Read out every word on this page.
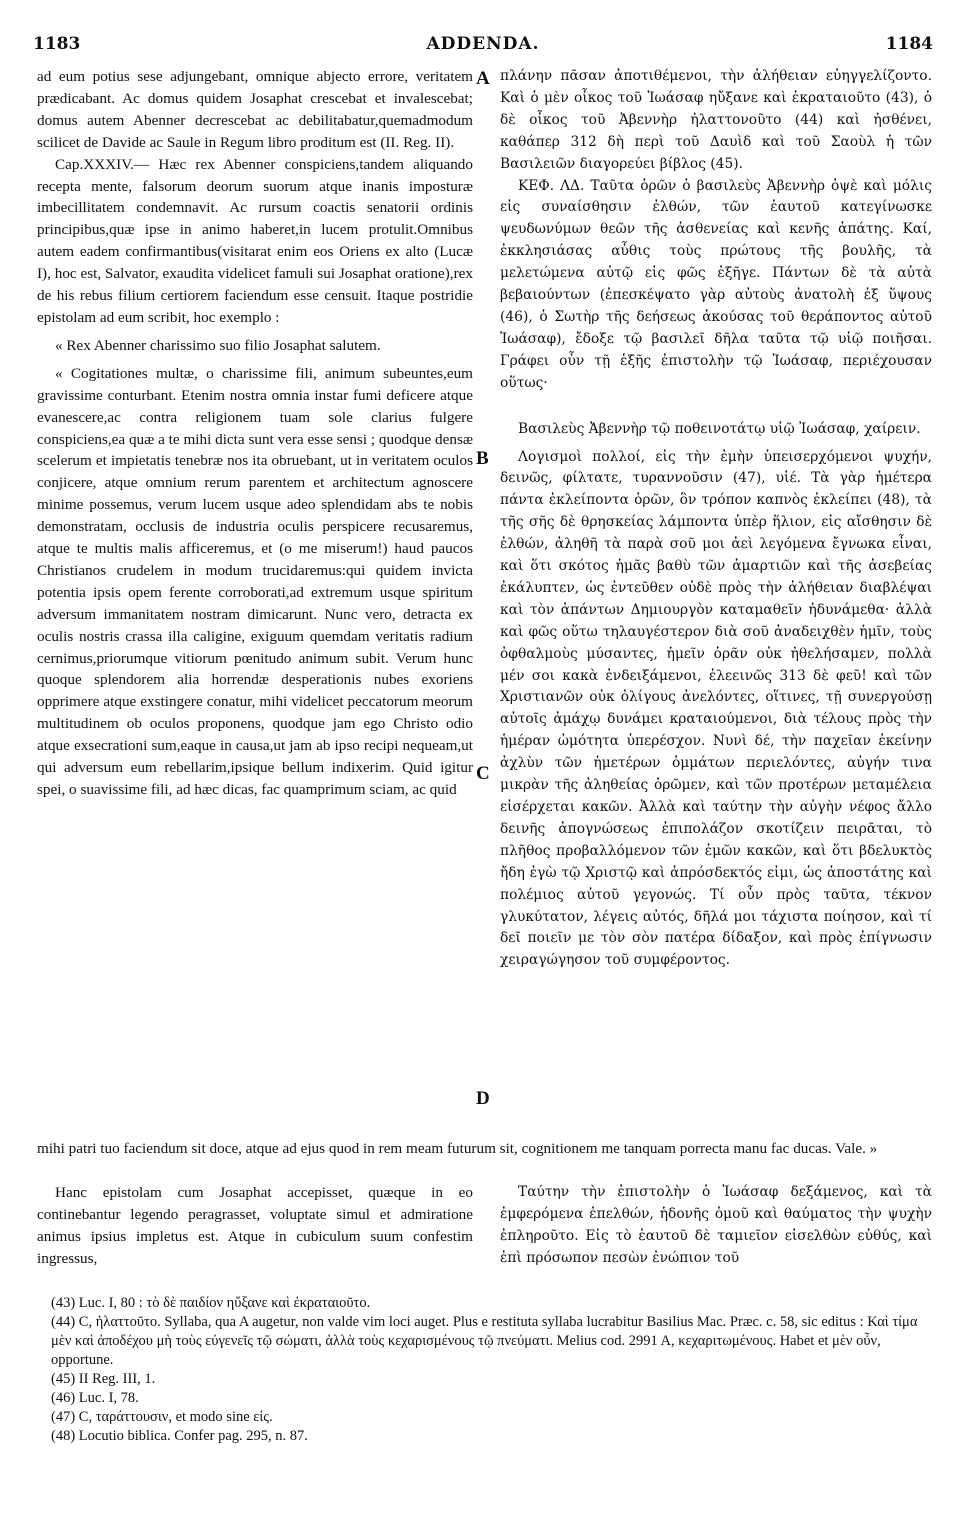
1183	ADDENDA.	1184
A
B
C
D

ad eum potius sese adjungebant, omnique abjecto errore, veritatem prædicabant. Ac domus quidem Josaphat crescebat et invalescebat; domus autem Abenner decrescebat ac debilitabatur,quemadmodum scilicet de Davide ac Saule in Regum libro proditum est (II. Reg. II).

Cap.XXXIV.— Hæc rex Abenner conspiciens,tandem aliquando recepta mente, falsorum deorum suorum atque inanis imposturæ imbecillitatem condemnavit. Ac rursum coactis senatorii ordinis principibus,quæ ipse in animo haberet,in lucem protulit.Omnibus autem eadem confirmantibus(visitarat enim eos Oriens ex alto (Lucæ I), hoc est, Salvator, exaudita videlicet famuli sui Josaphat oratione),rex de his rebus filium certiorem faciendum esse censuit. Itaque postridie epistolam ad eum scribit, hoc exemplo :

« Rex Abenner charissimo suo filio Josaphat salutem.

« Cogitationes multæ, o charissime fili, animum subeuntes,eum gravissime conturbant. Etenim nostra omnia instar fumi deficere atque evanescere,ac contra religionem tuam sole clarius fulgere conspiciens,ea quæ a te mihi dicta sunt vera esse sensi ; quodque densæ scelerum et impietatis tenebræ nos ita obruebant, ut in veritatem oculos conjicere, atque omnium rerum parentem et architectum agnoscere minime possemus, verum lucem usque adeo splendidam abs te nobis demonstratam, occlusis de industria oculis perspicere recusaremus, atque te multis malis afficeremus, et (o me miserum!) haud paucos Christianos crudelem in modum trucidaremus:qui quidem invicta potentia ipsis opem ferente corroborati,ad extremum usque spiritum adversum immanitatem nostram dimicarunt. Nunc vero, detracta ex oculis nostris crassa illa caligine, exiguum quemdam veritatis radium cernimus,priorumque vitiorum pœnitudo animum subit. Verum hunc quoque splendorem alia horrendæ desperationis nubes exoriens opprimere atque exstingere conatur, mihi videlicet peccatorum meorum multitudinem ob oculos proponens, quodque jam ego Christo odio atque exsecrationi sum,eaque in causa,ut jam ab ipso recipi nequeam,ut qui adversum eum rebellarim,ipsique bellum indixerim. Quid igitur spei, o suavissime fili, ad hæc dicas, fac quamprimum sciam, ac quid

πλάνην πᾶσαν ἀποτιθέμενοι, τὴν ἀλήθειαν εὐηγγελίζοντο. Καὶ ὁ μὲν οἶκος τοῦ Ἰωάσαφ ηὔξανε καὶ ἐκραταιοῦτο (43), ὁ δὲ οἶκος τοῦ Ἀβεννὴρ ἠλαττονοῦτο (44) καὶ ἠσθένει, καθάπερ 312 δὴ περὶ τοῦ Δαυὶδ καὶ τοῦ Σαοὺλ ἡ τῶν Βασιλειῶν διαγορεύει βίβλος (45).

ΚΕΦ. ΛΔ. Ταῦτα ὁρῶν ὁ βασιλεὺς Ἀβεννὴρ ὀψὲ καὶ μόλις εἰς συναίσθησιν ἐλθών, τῶν ἑαυτοῦ κατεγίνωσκε ψευδωνύμων θεῶν τῆς ἀσθενείας καὶ κενῆς ἀπάτης. Καί, ἐκκλησιάσας αὖθις τοὺς πρώτους τῆς βουλῆς, τὰ μελετώμενα αὐτῷ εἰς φῶς ἐξῆγε. Πάντων δὲ τὰ αὐτὰ βεβαιούντων (ἐπεσκέψατο γὰρ αὐτοὺς ἀνατολὴ ἐξ ὕψους (46), ὁ Σωτὴρ τῆς δεήσεως ἀκούσας τοῦ θεράποντος αὐτοῦ Ἰωάσαφ), ἔδοξε τῷ βασιλεῖ δῆλα ταῦτα τῷ υἱῷ ποιῆσαι. Γράφει οὖν τῇ ἑξῆς ἐπιστολὴν τῷ Ἰωάσαφ, περιέχουσαν οὕτως·

Βασιλεὺς Ἀβεννὴρ τῷ ποθεινοτάτῳ υἱῷ Ἰωάσαφ, χαίρειν.

Λογισμοὶ πολλοί, εἰς τὴν ἐμὴν ὑπεισερχόμενοι ψυχήν, δεινῶς, φίλτατε, τυραννοῦσιν (47), υἱέ. Τὰ γὰρ ἡμέτερα πάντα ἐκλείποντα ὁρῶν, ὃν τρόπον καπνὸς ἐκλείπει (48), τὰ τῆς σῆς δὲ θρησκείας λάμποντα ὑπὲρ ἥλιον, εἰς αἴσθησιν δὲ ἐλθών, ἀληθῆ τὰ παρὰ σοῦ μοι ἀεὶ λεγόμενα ἔγνωκα εἶναι, καὶ ὅτι σκότος ἡμᾶς βαθὺ τῶν ἁμαρτιῶν καὶ τῆς ἀσεβείας ἐκάλυπτεν, ὡς ἐντεῦθεν οὐδὲ πρὸς τὴν ἀλήθειαν διαβλέψαι καὶ τὸν ἁπάντων Δημιουργὸν καταμαθεῖν ἠδυνάμεθα· ἀλλὰ καὶ φῶς οὕτω τηλαυγέστερον διὰ σοῦ ἀναδειχθὲν ἡμῖν, τοὺς ὀφθαλμοὺς μύσαντες, ἡμεῖν ὁρᾶν οὐκ ἠθελήσαμεν, πολλὰ μέν σοι κακὰ ἐνδειξάμενοι, ἐλεεινῶς 313 δὲ φεῦ! καὶ τῶν Χριστιανῶν οὐκ ὀλίγους ἀνελόντες, οἵτινες, τῇ συνεργούσῃ αὐτοῖς ἀμάχῳ δυνάμει κραταιούμενοι, διὰ τέλους πρὸς τὴν ἡμέραν ὠμότητα ὑπερέσχον. Νυνὶ δέ, τὴν παχεῖαν ἐκείνην ἀχλὺν τῶν ἡμετέρων ὀμμάτων περιελόντες, αὐγήν τινα μικρὰν τῆς ἀληθείας ὁρῶμεν, καὶ τῶν προτέρων μεταμέλεια εἰσέρχεται κακῶν. Ἀλλὰ καὶ ταύτην τὴν αὐγὴν νέφος ἄλλο δεινῆς ἀπογνώσεως ἐπιπολάζον σκοτίζειν πειρᾶται, τὸ πλῆθος προβαλλόμενον τῶν ἐμῶν κακῶν, καὶ ὅτι βδελυκτὸς ἤδη ἐγὼ τῷ Χριστῷ καὶ ἀπρόσδεκτός εἰμι, ὡς ἀποστάτης καὶ πολέμιος αὐτοῦ γεγονώς. Τί οὖν πρὸς ταῦτα, τέκνον γλυκύτατον, λέγεις αὐτός, δῆλά μοι τάχιστα ποίησον, καὶ τί δεῖ ποιεῖν με τὸν σὸν πατέρα δίδαξον, καὶ πρὸς ἐπίγνωσιν χειραγώγησον τοῦ συμφέροντος.

mihi patri tuo faciendum sit doce, atque ad ejus quod in rem meam futurum sit, cognitionem me tanquam porrecta manu fac ducas. Vale. »

Hanc epistolam cum Josaphat accepisset, quæque in eo continebantur legendo peragrasset, voluptate simul et admiratione animus ipsius impletus est. Atque in cubiculum suum confestim ingressus,

Ταύτην τὴν ἐπιστολὴν ὁ Ἰωάσαφ δεξάμενος, καὶ τὰ ἐμφερόμενα ἐπελθών, ἡδονῆς ὁμοῦ καὶ θαύματος τὴν ψυχὴν ἐπληροῦτο. Εἰς τὸ ἑαυτοῦ δὲ ταμιεῖον εἰσελθὼν εὐθύς, καὶ ἐπὶ πρόσωπον πεσὼν ἐνώπιον τοῦ

(43) Luc. I, 80 : τὸ δὲ παιδίον ηὔξανε καὶ ἐκραταιοῦτο.

(44) C, ἠλαττοῦτο. Syllaba, qua A augetur, non valde vim loci auget. Plus e restituta syllaba lucrabitur Basilius Mac. Præc. c. 58, sic editus : Καὶ τίμα μὲν καὶ ἀποδέχου μὴ τοὺς εὐγενεῖς τῷ σώματι, ἀλλὰ τοὺς κεχαρισμένους τῷ πνεύματι. Melius cod. 2991 A, κεχαριτωμένους. Habet et μὲν οὖν, opportune.

(45) II Reg. III, 1.

(46) Luc. I, 78.

(47) C, ταράττουσιν, et modo sine εἰς.

(48) Locutio biblica. Confer pag. 295, n. 87.
